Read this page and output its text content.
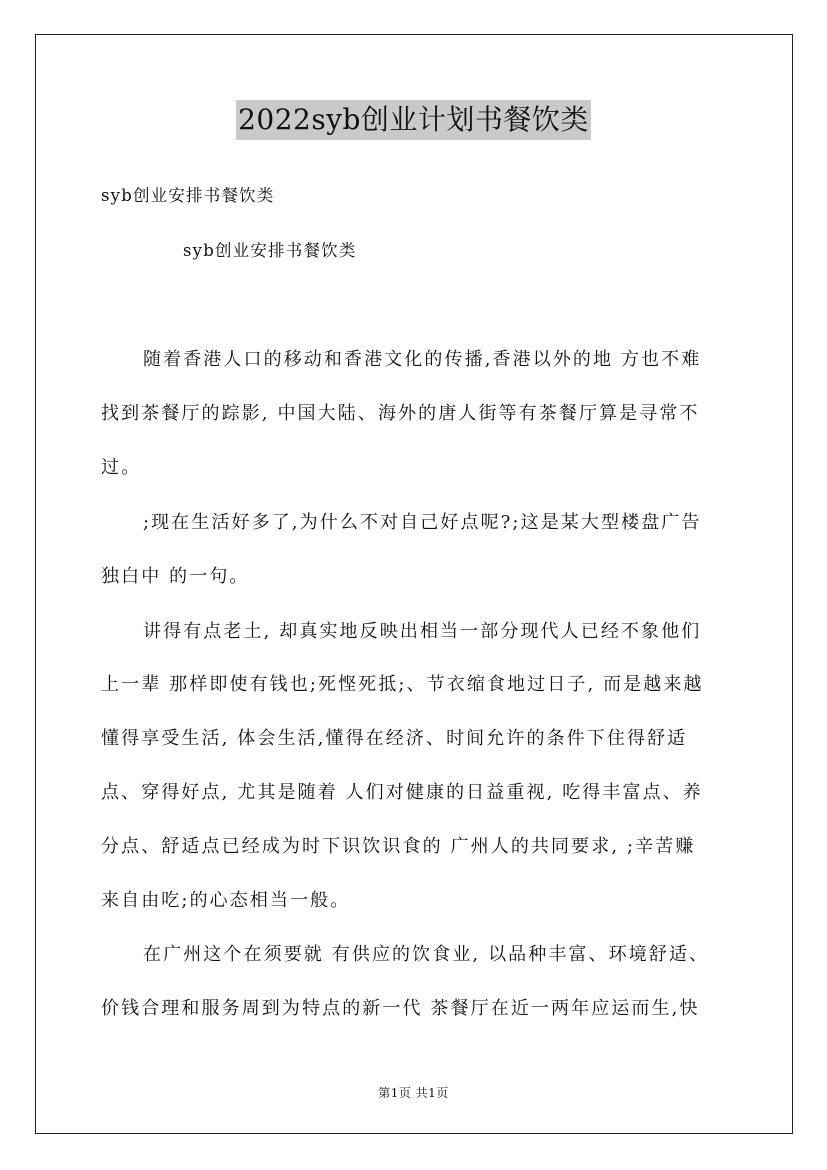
2022syb创业计划书餐饮类
syb创业安排书餐饮类
syb创业安排书餐饮类
随着香港人口的移动和香港文化的传播,香港以外的地 方也不难
找到茶餐厅的踪影, 中国大陆、海外的唐人街等有茶餐厅算是寻常不
过。
;现在生活好多了,为什么不对自己好点呢?;这是某大型楼盘广告
独白中 的一句。
讲得有点老土, 却真实地反映出相当一部分现代人已经不象他们
上一辈 那样即使有钱也;死悭死抵;、节衣缩食地过日子, 而是越来越
懂得享受生活, 体会生活,懂得在经济、时间允许的条件下住得舒适
点、穿得好点, 尤其是随着 人们对健康的日益重视, 吃得丰富点、养
分点、舒适点已经成为时下识饮识食的 广州人的共同要求, ;辛苦赚
来自由吃;的心态相当一般。
在广州这个在须要就 有供应的饮食业, 以品种丰富、环境舒适、
价钱合理和服务周到为特点的新一代 茶餐厅在近一两年应运而生,快
第1页 共1页
